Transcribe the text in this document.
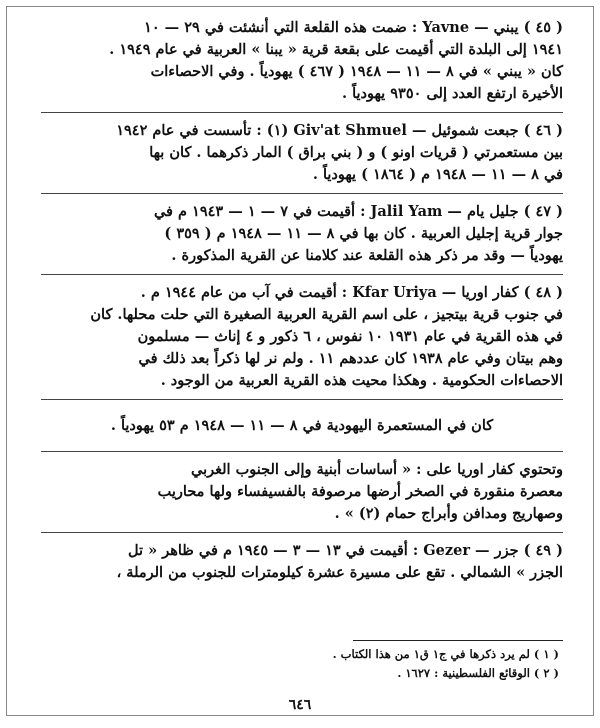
( ٤٥ ) يبني — Yavne : ضمت هذه القلعة التي أنشئت في ٢٩ — ١٠

١٩٤١ إلى البلدة التي أقيمت على بقعة قرية « يبنا » العربية في عام ١٩٤٩ .

كان « يبني » في ٨ — ١١ — ١٩٤٨ ( ٤٦٧ ) يهودياً . وفي الاحصاءات

الأخيرة ارتفع العدد إلى ٩٣٥٠ يهودياً .

( ٤٦ ) جبعت شموئيل — Giv'at Shmuel (١) : تأسست في عام ١٩٤٢

بين مستعمرتي ( قريات اونو ) و ( بني براق ) المار ذكرهما . كان بها

في ٨ — ١١ — ١٩٤٨ م ( ١٨٦٤ ) يهودياً .

( ٤٧ ) جليل يام — Jalil Yam : أقيمت في ٧ — ١ — ١٩٤٣ م في

جوار قرية إجليل العربية . كان بها في ٨ — ١١ — ١٩٤٨ م ( ٣٥٩ )

يهودياً — وقد مر ذكر هذه القلعة عند كلامنا عن القرية المذكورة .

( ٤٨ ) كفار اوريا — Kfar Uriya : أقيمت في آب من عام ١٩٤٤ م .

في جنوب قرية بيتجيز ، على اسم القرية العربية الصغيرة التي حلت محلها. كان

في هذه القرية في عام ١٩٣١ ١٠ نفوس ، ٦ ذكور و ٤ إناث — مسلمون

وهم بيتان وفي عام ١٩٣٨ كان عددهم ١١ . ولم نر لها ذكراً بعد ذلك في

الاحصاءات الحكومية . وهكذا محيت هذه القرية العربية من الوجود .

كان في المستعمرة اليهودية في ٨ — ١١ — ١٩٤٨ م ٥٣ يهودياً .

وتحتوي كفار اوريا على : « أساسات أبنية وإلى الجنوب الغربي

معصرة منقورة في الصخر أرضها مرصوفة بالفسيفساء ولها محاريب

وصهاريج ومدافن وأبراج حمام (٢) » .

( ٤٩ ) جزر — Gezer : أقيمت في ١٣ — ٣ — ١٩٤٥ م في ظاهر « تل

الجزر » الشمالي . تقع على مسيرة عشرة كيلومترات للجنوب من الرملة ،

( ١ ) لم يرد ذكرها في ج١ ق١ من هذا الكتاب .
( ٢ ) الوقائع الفلسطينية : ١٦٢٧ .
٦٤٦
